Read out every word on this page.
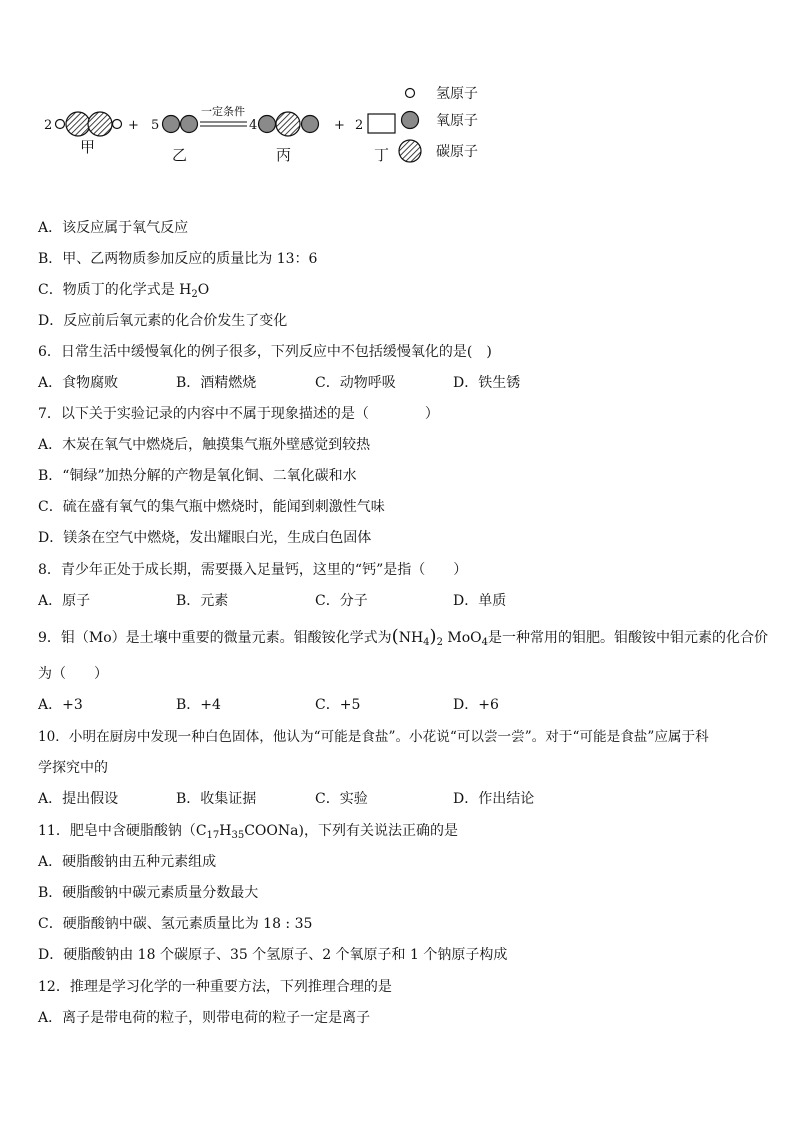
2
甲
+ 5
乙
一定条件
4
丙
+ 2
丁
氢原子
氧原子
碳原子
A．该反应属于氧气反应
B．甲、乙两物质参加反应的质量比为 13：6
C．物质丁的化学式是 $H_2O$
D．反应前后氧元素的化合价发生了变化
6．日常生活中缓慢氧化的例子很多，下列反应中不包括缓慢氧化的是(　)
A．食物腐败	B．酒精燃烧	C．动物呼吸	D．铁生锈
7．以下关于实验记录的内容中不属于现象描述的是（　　　　）
A．木炭在氧气中燃烧后，触摸集气瓶外壁感觉到较热
B．“铜绿”加热分解的产物是氧化铜、二氧化碳和水
C．硫在盛有氧气的集气瓶中燃烧时，能闻到刺激性气味
D．镁条在空气中燃烧，发出耀眼白光，生成白色固体
8．青少年正处于成长期，需要摄入足量钙，这里的“钙”是指（　　）
A．原子	B．元素	C．分子	D．单质
9．钼（Mo）是土壤中重要的微量元素。钼酸铵化学式为$(NH_4)_2$ MoO$_4$是一种常用的钼肥。钼酸铵中钼元素的化合价
为（　　）
A．+3	B．+4	C．+5	D．+6
10．小明在厨房中发现一种白色固体，他认为“可能是食盐”。小花说“可以尝一尝”。对于“可能是食盐”应属于科
学探究中的
A．提出假设	B．收集证据	C．实验	D．作出结论
11．肥皂中含硬脂酸钠$(C_{17}H_{35}COONa)$，下列有关说法正确的是
A．硬脂酸钠由五种元素组成
B．硬脂酸钠中碳元素质量分数最大
C．硬脂酸钠中碳、氢元素质量比为 18 : 35
D．硬脂酸钠由 18 个碳原子、35 个氢原子、2 个氧原子和 1 个钠原子构成
12．推理是学习化学的一种重要方法，下列推理合理的是
A．离子是带电荷的粒子，则带电荷的粒子一定是离子
